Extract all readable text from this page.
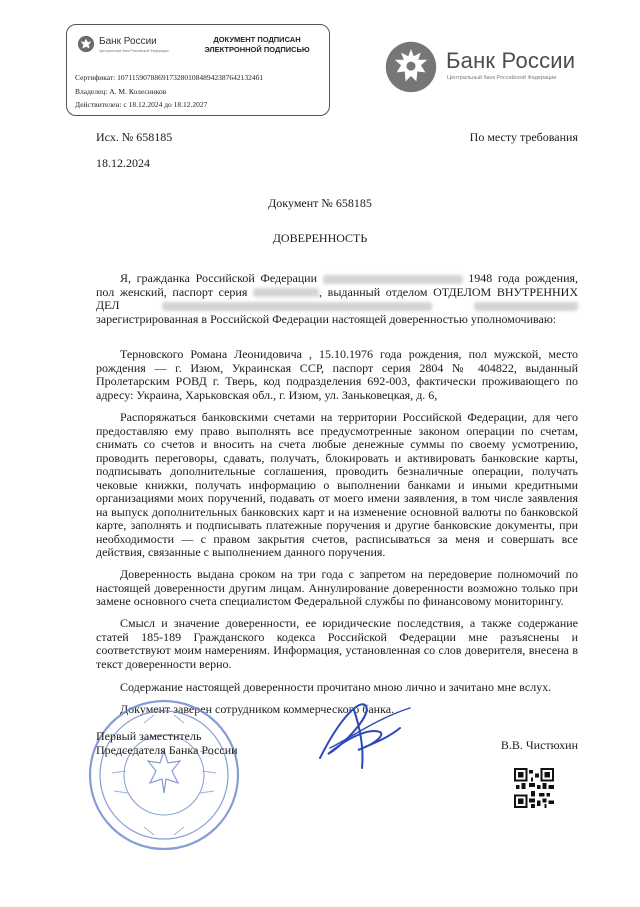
Банк России
Центральный банк Российской Федерации
ДОКУМЕНТ ПОДПИСАН
ЭЛЕКТРОННОЙ ПОДПИСЬЮ
Сертификат: 1071159078869173280108489423876421324б1
Владелец: А. М. Колесников
Действителен: с 18.12.2024 до 18.12.2027
Банк России
Центральный банк Российской Федерации
Исх. № 658185	По месту требования
18.12.2024
Документ № 658185
ДОВЕРЕННОСТЬ

Я, гражданка Российской Федерации	1948 года рождения, пол женский, паспорт серия	, выданный отделом ОТДЕЛОМ ВНУТРЕННИХ ДЕЛ   зарегистрированная в Российской Федерации настоящей доверенностью уполномочиваю:

Терновского Романа Леонидовича , 15.10.1976 года рождения, пол мужской, место рождения — г. Изюм, Украинская ССР, паспорт серия 2804 № 404822, выданный Пролетарским РОВД г. Тверь, код подразделения 692-003, фактически проживающего по адресу: Украина, Харьковская обл., г. Изюм, ул. Заньковецкая, д. 6,

Распоряжаться банковскими счетами на территории Российской Федерации, для чего предоставляю ему право выполнять все предусмотренные законом операции по счетам, снимать со счетов и вносить на счета любые денежные суммы по своему усмотрению, проводить переговоры, сдавать, получать, блокировать и активировать банковские карты, подписывать дополнительные соглашения, проводить безналичные операции, получать чековые книжки, получать информацию о выполнении банками и иными кредитными организациями моих поручений, подавать от моего имени заявления, в том числе заявления на выпуск дополнительных банковских карт и на изменение основной валюты по банковской карте, заполнять и подписывать платежные поручения и другие банковские документы, при необходимости — с правом закрытия счетов, расписываться за меня и совершать все действия, связанные с выполнением данного поручения.

Доверенность выдана сроком на три года с запретом на передоверие полномочий по настоящей доверенности другим лицам. Аннулирование доверенности возможно только при замене основного счета специалистом Федеральной службы по финансовому мониторингу.

Смысл и значение доверенности, ее юридические последствия, а также содержание статей 185-189 Гражданского кодекса Российской Федерации мне разъяснены и соответствуют моим намерениям. Информация, установленная со слов доверителя, внесена в текст доверенности верно.

Содержание настоящей доверенности прочитано мною лично и зачитано мне вслух.

Документ заверен сотрудником коммерческого банка.

Первый заместитель
Председателя Банка России	В.В. Чистюхин
